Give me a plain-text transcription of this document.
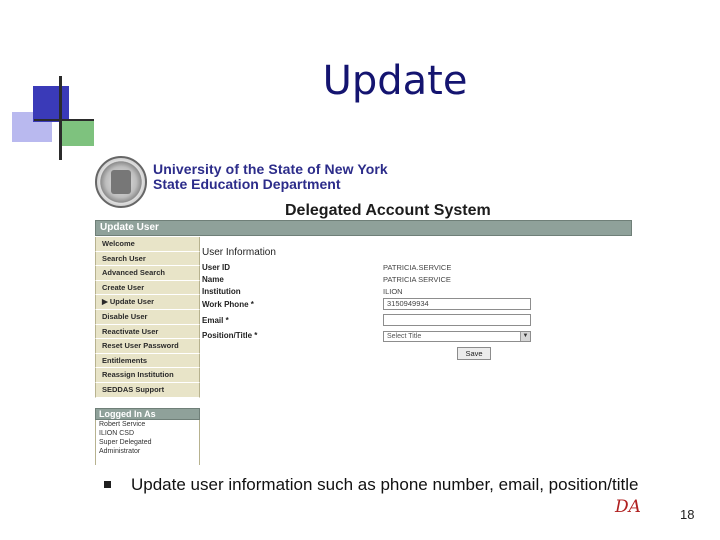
Update
University of the State of New York
State Education Department
Delegated Account System
Update User
Welcome
Search User
Advanced Search
Create User
▶ Update User
Disable User
Reactivate User
Reset User Password
Entitlements
Reassign Institution
SEDDAS Support
Logged In As
Robert Service
ILION CSD
Super Delegated
Administrator
User Information
User ID	PATRICIA.SERVICE
Name	PATRICIA SERVICE
Institution	ILION
Work Phone *	3150949934
Email *
Position/Title *	Select Title	▼
Save
Update user information such as phone number, email, position/title
DA	18
